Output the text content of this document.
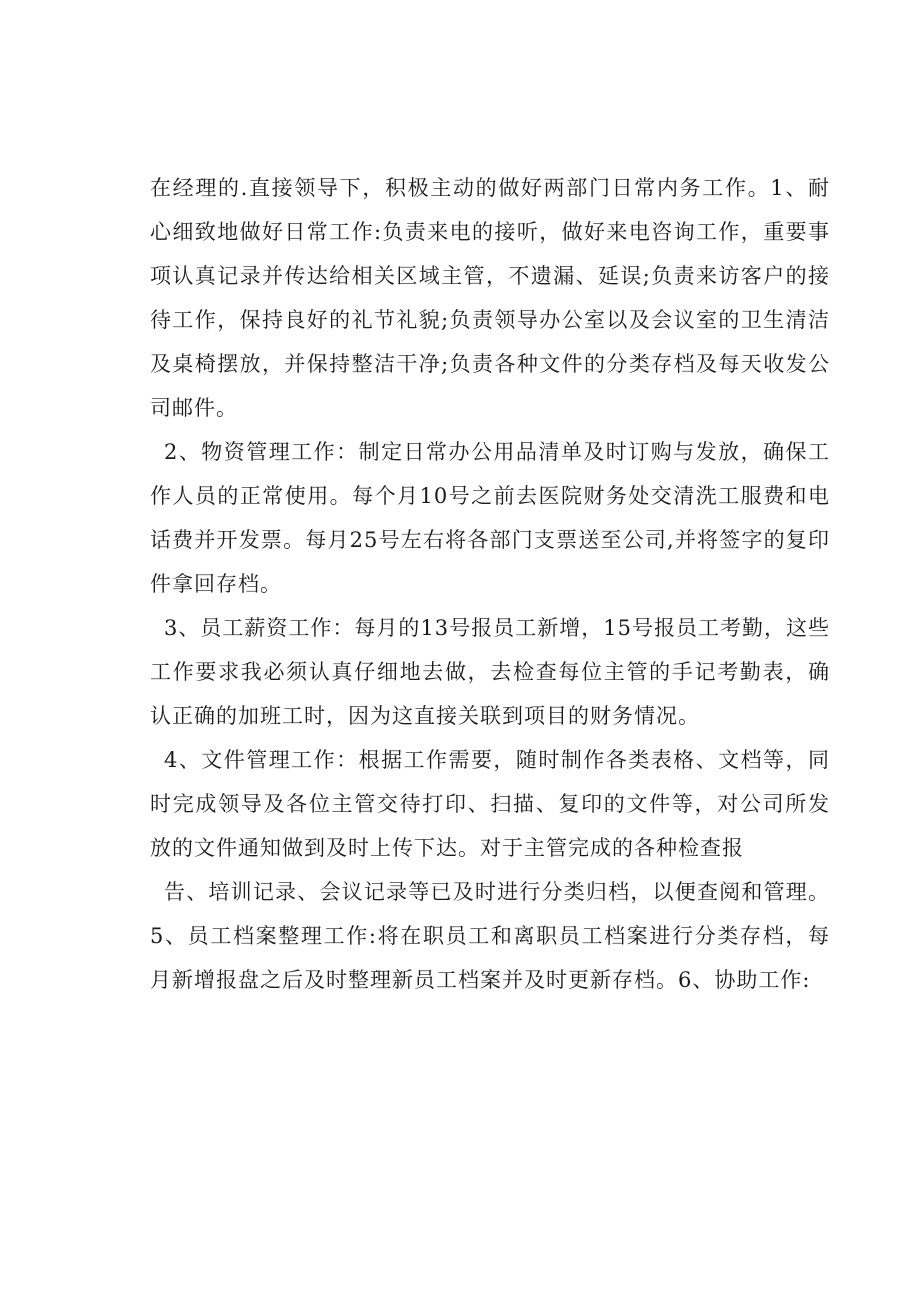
在经理的.直接领导下，积极主动的做好两部门日常内务工作。1、耐心细致地做好日常工作:负责来电的接听，做好来电咨询工作，重要事项认真记录并传达给相关区域主管，不遗漏、延误;负责来访客户的接待工作，保持良好的礼节礼貌;负责领导办公室以及会议室的卫生清洁及桌椅摆放，并保持整洁干净;负责各种文件的分类存档及每天收发公司邮件。

2、物资管理工作：制定日常办公用品清单及时订购与发放，确保工作人员的正常使用。每个月10号之前去医院财务处交清洗工服费和电话费并开发票。每月25号左右将各部门支票送至公司,并将签字的复印件拿回存档。

3、员工薪资工作：每月的13号报员工新增，15号报员工考勤，这些工作要求我必须认真仔细地去做，去检查每位主管的手记考勤表，确认正确的加班工时，因为这直接关联到项目的财务情况。

4、文件管理工作：根据工作需要，随时制作各类表格、文档等，同时完成领导及各位主管交待打印、扫描、复印的文件等，对公司所发放的文件通知做到及时上传下达。对于主管完成的各种检查报

告、培训记录、会议记录等已及时进行分类归档，以便查阅和管理。5、员工档案整理工作:将在职员工和离职员工档案进行分类存档，每月新增报盘之后及时整理新员工档案并及时更新存档。6、协助工作:
